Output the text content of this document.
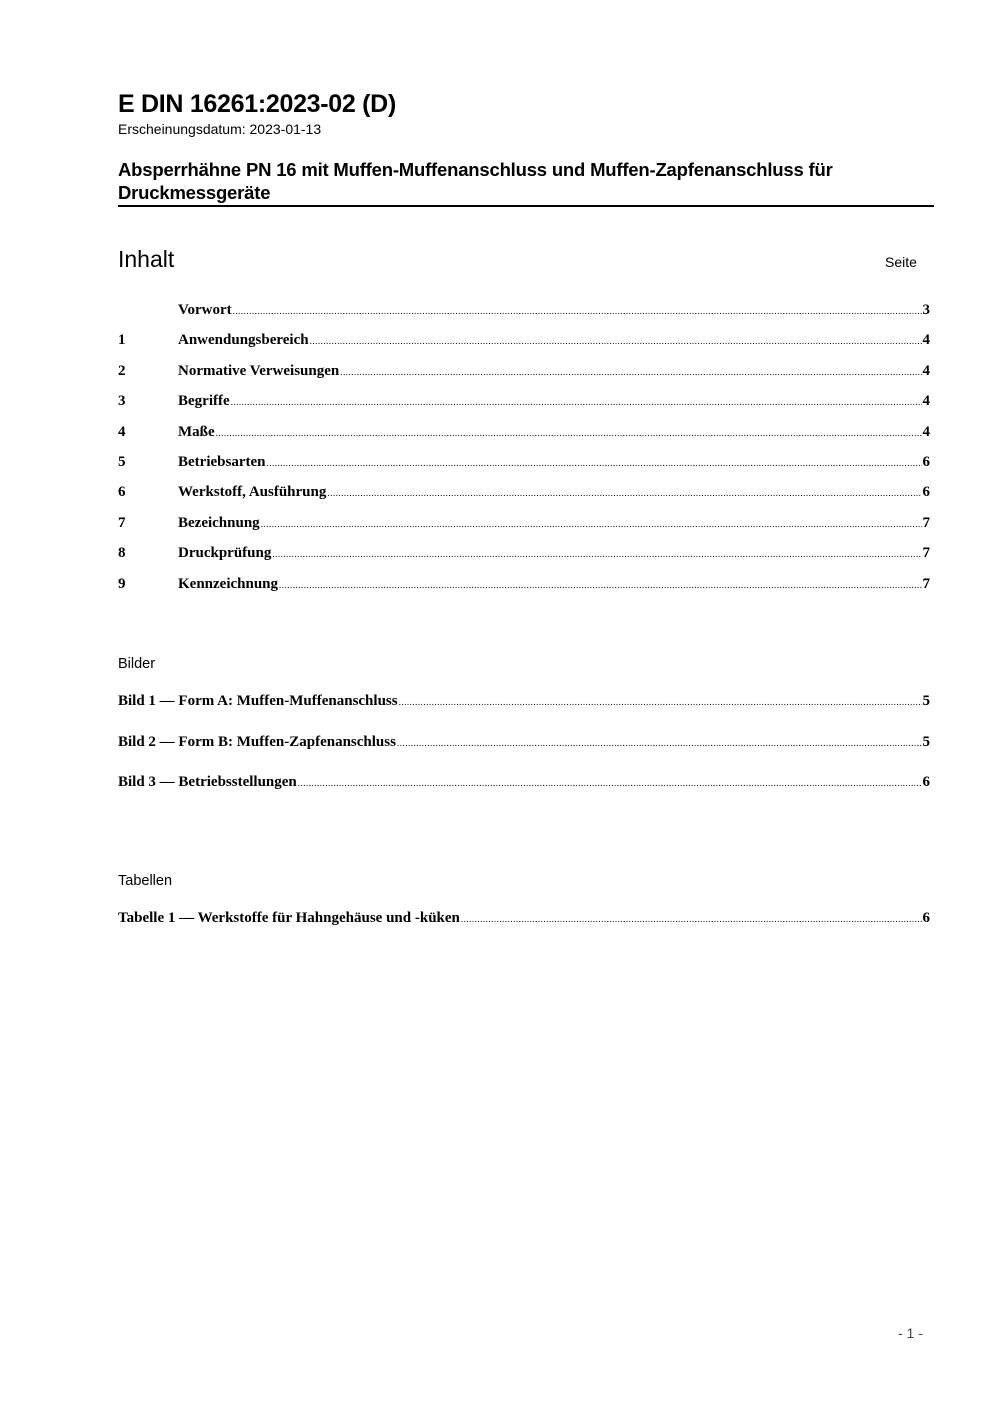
E DIN 16261:2023-02 (D)
Erscheinungsdatum: 2023-01-13
Absperrhähne PN 16 mit Muffen-Muffenanschluss und Muffen-Zapfenanschluss für Druckmessgeräte
Inhalt	Seite
Vorwort .....	3
1	Anwendungsbereich .....	4
2	Normative Verweisungen .....	4
3	Begriffe .....	4
4	Maße .....	4
5	Betriebsarten .....	6
6	Werkstoff, Ausführung .....	6
7	Bezeichnung .....	7
8	Druckprüfung .....	7
9	Kennzeichnung .....	7
Bilder
Bild 1 — Form A: Muffen-Muffenanschluss .....	5
Bild 2 — Form B: Muffen-Zapfenanschluss .....	5
Bild 3 — Betriebsstellungen .....	6
Tabellen
Tabelle 1 — Werkstoffe für Hahngehäuse und -küken .....	6
- 1 -
